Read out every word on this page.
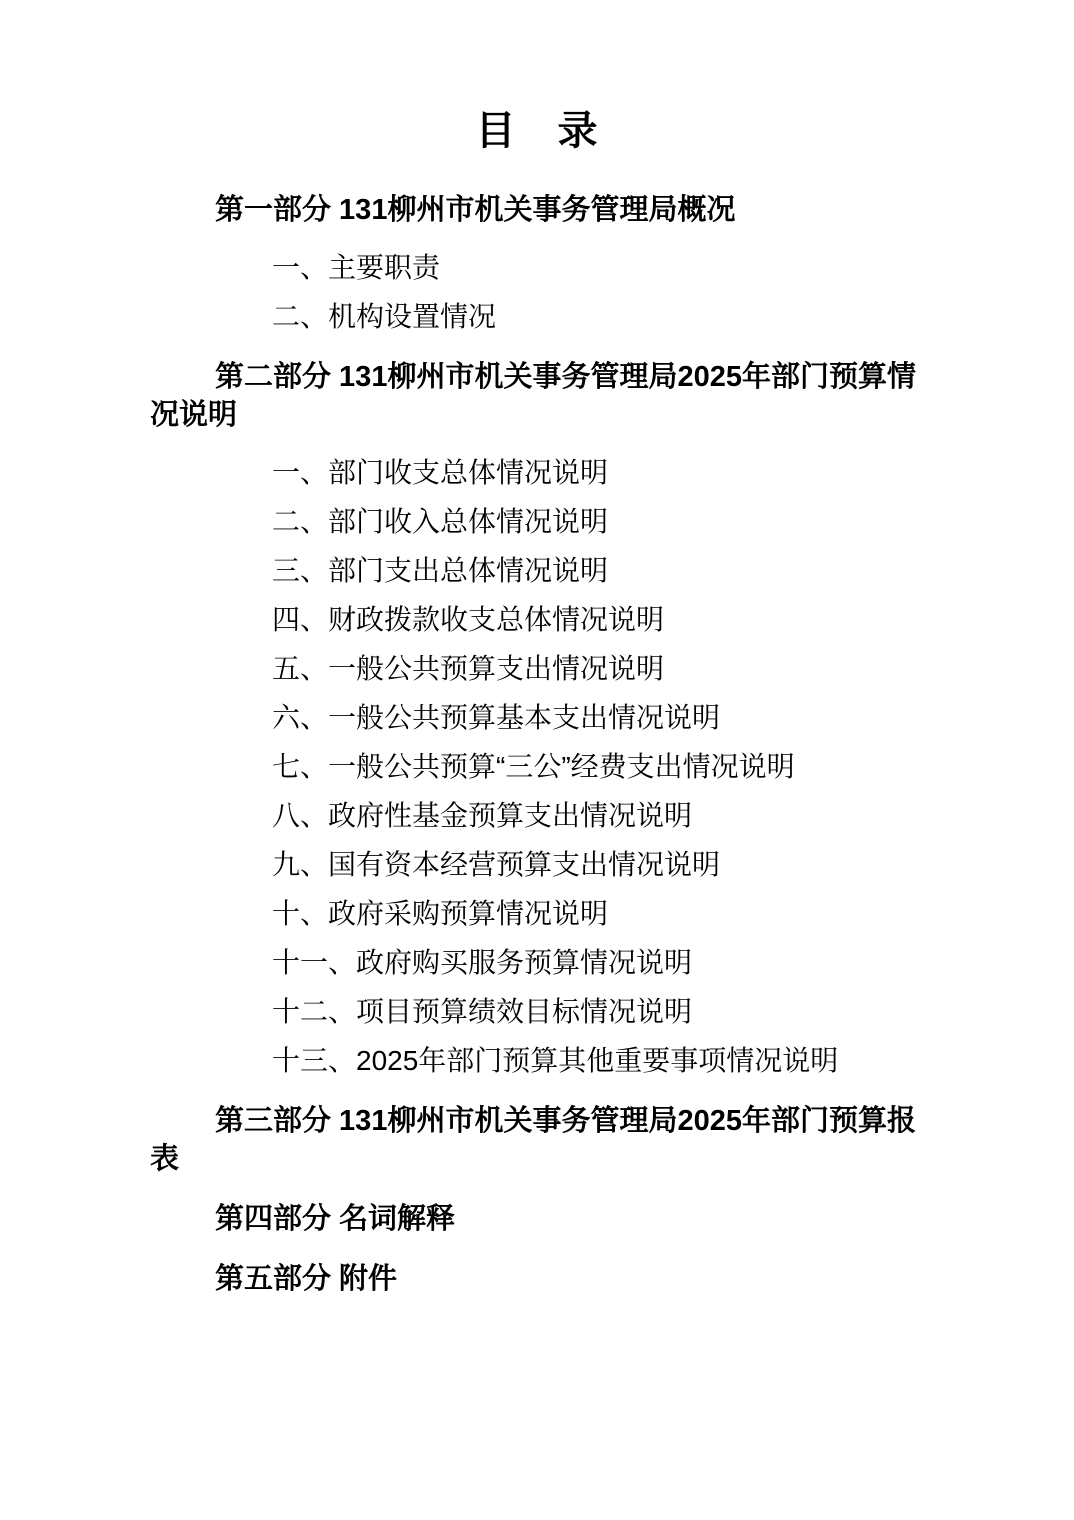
目　录

第一部分 131柳州市机关事务管理局概况

一、主要职责

二、机构设置情况

第二部分 131柳州市机关事务管理局2025年部门预算情况说明

一、部门收支总体情况说明

二、部门收入总体情况说明

三、部门支出总体情况说明

四、财政拨款收支总体情况说明

五、一般公共预算支出情况说明

六、一般公共预算基本支出情况说明

七、一般公共预算“三公”经费支出情况说明

八、政府性基金预算支出情况说明

九、国有资本经营预算支出情况说明

十、政府采购预算情况说明

十一、政府购买服务预算情况说明

十二、项目预算绩效目标情况说明

十三、2025年部门预算其他重要事项情况说明

第三部分 131柳州市机关事务管理局2025年部门预算报表

第四部分 名词解释

第五部分 附件
